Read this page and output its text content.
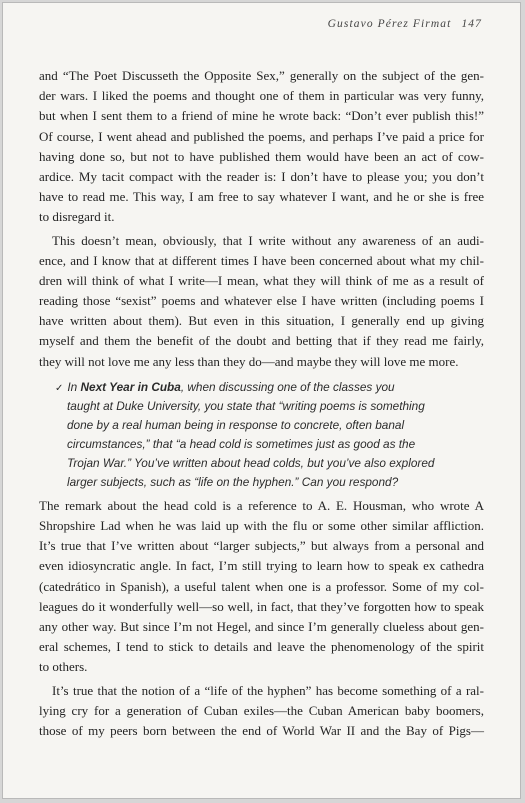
Gustavo Pérez Firmat 147
and “The Poet Discusseth the Opposite Sex,” generally on the subject of the gen-
der wars. I liked the poems and thought one of them in particular was very funny,
but when I sent them to a friend of mine he wrote back: “Don’t ever publish this!”
Of course, I went ahead and published the poems, and perhaps I’ve paid a price for
having done so, but not to have published them would have been an act of cow-
ardice. My tacit compact with the reader is: I don’t have to please you; you don’t
have to read me. This way, I am free to say whatever I want, and he or she is free
to disregard it.
This doesn’t mean, obviously, that I write without any awareness of an audi-
ence, and I know that at different times I have been concerned about what my chil-
dren will think of what I write—I mean, what they will think of me as a result of
reading those “sexist” poems and whatever else I have written (including poems I
have written about them). But even in this situation, I generally end up giving
myself and them the benefit of the doubt and betting that if they read me fairly,
they will not love me any less than they do—and maybe they will love me more.
✓ In Next Year in Cuba, when discussing one of the classes you
taught at Duke University, you state that “writing poems is something
done by a real human being in response to concrete, often banal
circumstances,” that “a head cold is sometimes just as good as the
Trojan War.” You’ve written about head colds, but you’ve also explored
larger subjects, such as “life on the hyphen.” Can you respond?
The remark about the head cold is a reference to A. E. Housman, who wrote A
Shropshire Lad when he was laid up with the flu or some other similar affliction.
It’s true that I’ve written about “larger subjects,” but always from a personal and
even idiosyncratic angle. In fact, I’m still trying to learn how to speak ex cathedra
(catedrático in Spanish), a useful talent when one is a professor. Some of my col-
leagues do it wonderfully well—so well, in fact, that they’ve forgotten how to speak
any other way. But since I’m not Hegel, and since I’m generally clueless about gen-
eral schemes, I tend to stick to details and leave the phenomenology of the spirit
to others.
It’s true that the notion of a “life of the hyphen” has become something of a ral-
lying cry for a generation of Cuban exiles—the Cuban American baby boomers,
those of my peers born between the end of World War II and the Bay of Pigs—
